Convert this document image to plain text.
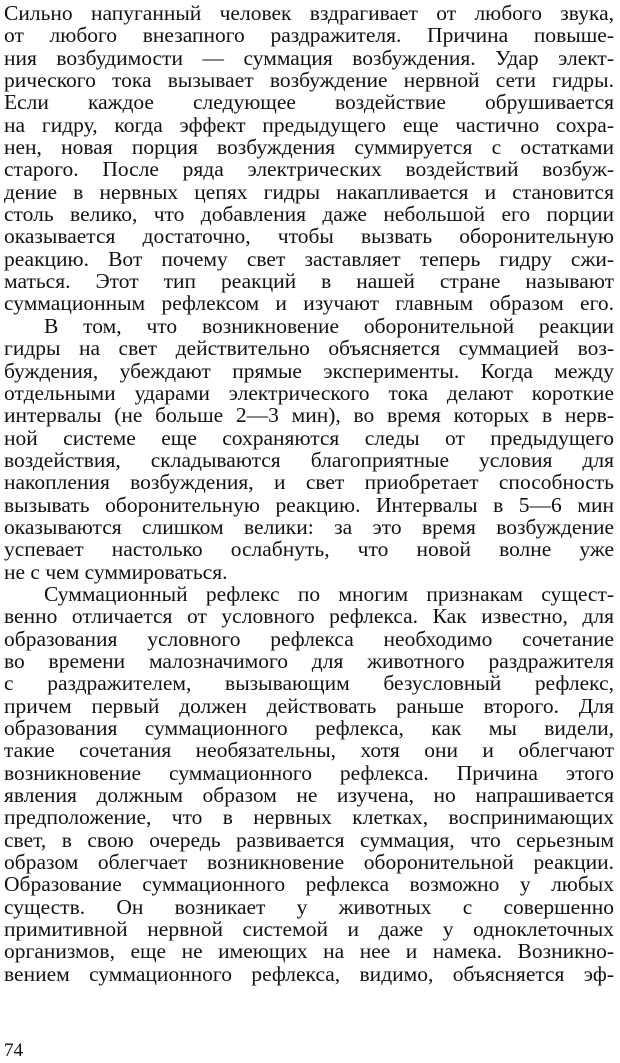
Сильно напуганный человек вздрагивает от любого звука,
от любого внезапного раздражителя. Причина повыше-
ния возбудимости — суммация возбуждения. Удар элект-
рического тока вызывает возбуждение нервной сети гидры.
Если каждое следующее воздействие обрушивается
на гидру, когда эффект предыдущего еще частично сохра-
нен, новая порция возбуждения суммируется с остатками
старого. После ряда электрических воздействий возбуж-
дение в нервных цепях гидры накапливается и становится
столь велико, что добавления даже небольшой его порции
оказывается достаточно, чтобы вызвать оборонительную
реакцию. Вот почему свет заставляет теперь гидру сжи-
маться. Этот тип реакций в нашей стране называют
суммационным рефлексом и изучают главным образом его.
В том, что возникновение оборонительной реакции
гидры на свет действительно объясняется суммацией воз-
буждения, убеждают прямые эксперименты. Когда между
отдельными ударами электрического тока делают короткие
интервалы (не больше 2—3 мин), во время которых в нерв-
ной системе еще сохраняются следы от предыдущего
воздействия, складываются благоприятные условия для
накопления возбуждения, и свет приобретает способность
вызывать оборонительную реакцию. Интервалы в 5—6 мин
оказываются слишком велики: за это время возбуждение
успевает настолько ослабнуть, что новой волне уже
не с чем суммироваться.
Суммационный рефлекс по многим признакам сущест-
венно отличается от условного рефлекса. Как известно, для
образования условного рефлекса необходимо сочетание
во времени малозначимого для животного раздражителя
с раздражителем, вызывающим безусловный рефлекс,
причем первый должен действовать раньше второго. Для
образования суммационного рефлекса, как мы видели,
такие сочетания необязательны, хотя они и облегчают
возникновение суммационного рефлекса. Причина этого
явления должным образом не изучена, но напрашивается
предположение, что в нервных клетках, воспринимающих
свет, в свою очередь развивается суммация, что серьезным
образом облегчает возникновение оборонительной реакции.
Образование суммационного рефлекса возможно у любых
существ. Он возникает у животных с совершенно
примитивной нервной системой и даже у одноклеточных
организмов, еще не имеющих на нее и намека. Возникно-
вением суммационного рефлекса, видимо, объясняется эф-
74
